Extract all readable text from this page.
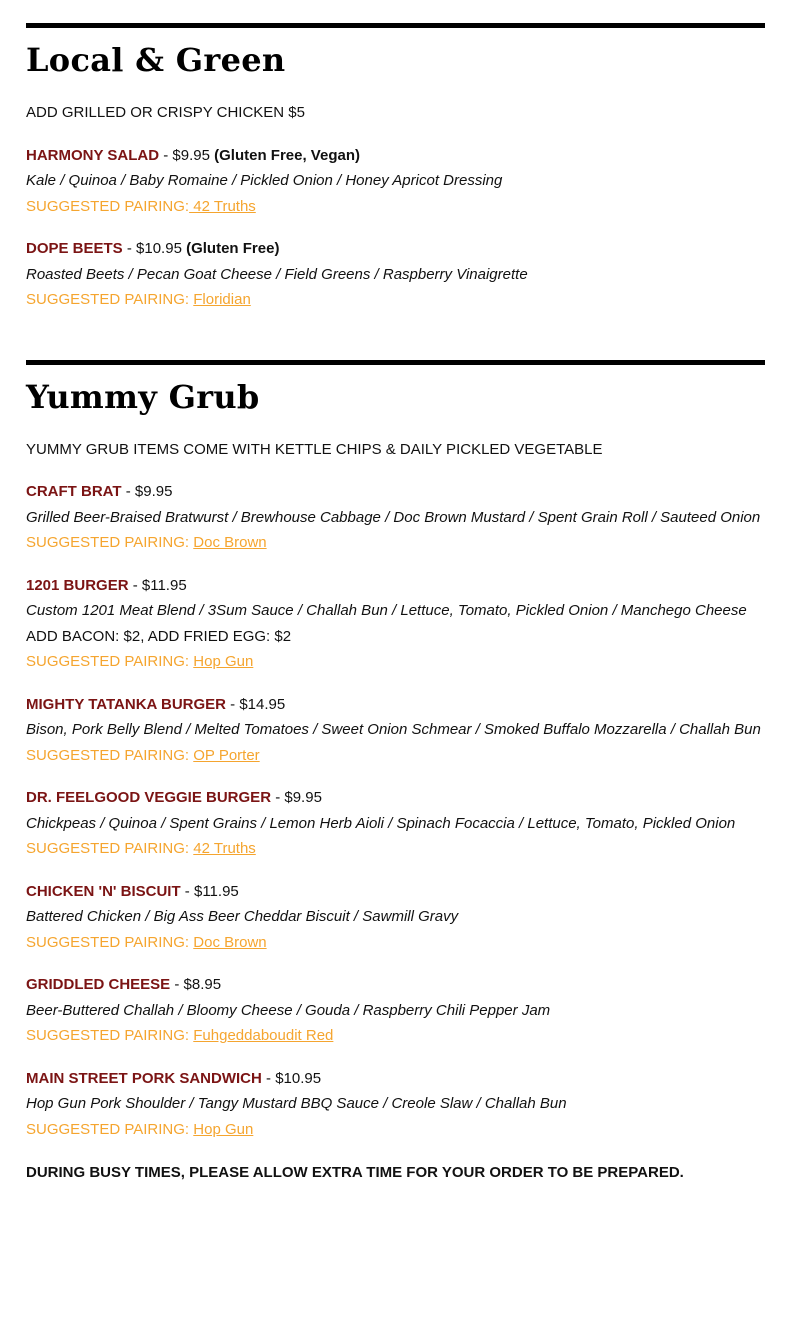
Local & Green
ADD GRILLED OR CRISPY CHICKEN $5
HARMONY SALAD - $9.95 (Gluten Free, Vegan)
Kale / Quinoa / Baby Romaine / Pickled Onion / Honey Apricot Dressing
SUGGESTED PAIRING: 42 Truths
DOPE BEETS - $10.95 (Gluten Free)
Roasted Beets / Pecan Goat Cheese / Field Greens / Raspberry Vinaigrette
SUGGESTED PAIRING: Floridian
Yummy Grub
YUMMY GRUB ITEMS COME WITH KETTLE CHIPS & DAILY PICKLED VEGETABLE
CRAFT BRAT - $9.95
Grilled Beer-Braised Bratwurst / Brewhouse Cabbage / Doc Brown Mustard / Spent Grain Roll / Sauteed Onion
SUGGESTED PAIRING: Doc Brown
1201 BURGER - $11.95
Custom 1201 Meat Blend / 3Sum Sauce / Challah Bun / Lettuce, Tomato, Pickled Onion / Manchego Cheese
ADD BACON: $2, ADD FRIED EGG: $2
SUGGESTED PAIRING: Hop Gun
MIGHTY TATANKA BURGER - $14.95
Bison, Pork Belly Blend / Melted Tomatoes / Sweet Onion Schmear / Smoked Buffalo Mozzarella / Challah Bun
SUGGESTED PAIRING: OP Porter
DR. FEELGOOD VEGGIE BURGER - $9.95
Chickpeas / Quinoa / Spent Grains / Lemon Herb Aioli / Spinach Focaccia / Lettuce, Tomato, Pickled Onion
SUGGESTED PAIRING: 42 Truths
CHICKEN 'N' BISCUIT - $11.95
Battered Chicken / Big Ass Beer Cheddar Biscuit / Sawmill Gravy
SUGGESTED PAIRING: Doc Brown
GRIDDLED CHEESE - $8.95
Beer-Buttered Challah / Bloomy Cheese / Gouda / Raspberry Chili Pepper Jam
SUGGESTED PAIRING: Fuhgeddaboudit Red
MAIN STREET PORK SANDWICH - $10.95
Hop Gun Pork Shoulder / Tangy Mustard BBQ Sauce / Creole Slaw / Challah Bun
SUGGESTED PAIRING: Hop Gun
DURING BUSY TIMES, PLEASE ALLOW EXTRA TIME FOR YOUR ORDER TO BE PREPARED.
